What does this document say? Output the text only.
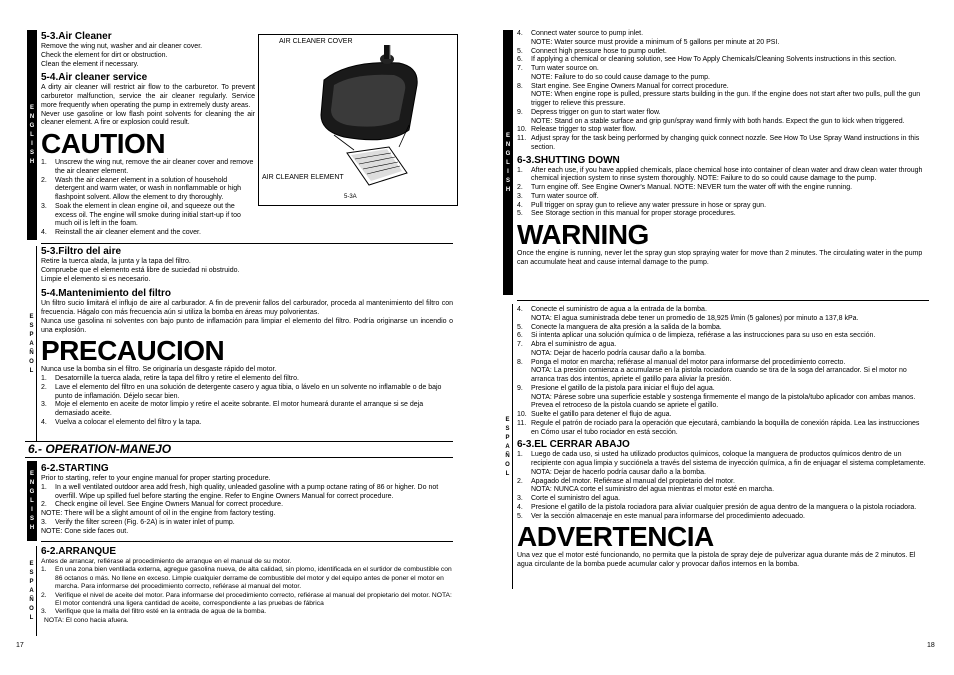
E
N
G
L
I
S
H
5-3.Air Cleaner

Remove the wing nut, washer and air cleaner cover.

Check the element for dirt or obstruction.

Clean the element if necessary.

5-4.Air cleaner service

A dirty air cleaner will restrict air flow to the carburetor. To prevent carburetor malfunction, service the air cleaner regularly. Service more frequently when operating the pump in extremely dusty areas.

Never use gasoline or low flash point solvents for cleaning the air cleaner element. A fire or explosion could result.

CAUTION
1.	Unscrew the wing nut, remove the air cleaner cover and remove the air cleaner element.
2.	Wash the air cleaner element in a solution of household detergent and warm water, or wash in nonflammable or high flashpoint solvent. Allow the element to dry thoroughly.
3.	Soak the element in clean engine oil, and squeeze out the excess oil. The engine will smoke during initial start-up if too much oil is left in the foam.
4.	Reinstall the air cleaner element and the cover.
AIR CLEANER COVER
AIR CLEANER ELEMENT
5-3A
E
S
P
A
Ñ
O
L
5-3.Filtro del aire

Retire la tuerca alada, la junta y la tapa del filtro.

Compruebe que el elemento está libre de suciedad ni obstruido.

Limpie el elemento si es necesario.

5-4.Mantenimiento del filtro

Un filtro sucio limitará el influjo de aire al carburador. A fin de prevenir fallos del carburador, proceda al mantenimiento del filtro con frecuencia. Hágalo con más frecuencia aún si utiliza la bomba en áreas muy polvorientas.

Nunca use gasolina ni solventes con bajo punto de inflamación para limpiar el elemento del filtro. Podría originarse un incendio o una explosión.

PRECAUCION

Nunca use la bomba sin el filtro. Se originaría un desgaste rápido del motor.

1.	Desatornille la tuerca alada, retire la tapa del filtro y retire el elemento del filtro.
2.	Lave el elemento del filtro en una solución de detergente casero y agua tibia, o lávelo en un solvente no inflamable o de bajo punto de inflamación. Déjelo secar bien.
3.	Moje el elemento en aceite de motor limpio y retire el aceite sobrante. El motor humeará durante el arranque si se deja demasiado aceite.
4.	Vuelva a colocar el elemento del filtro y la tapa.
6.- OPERATION-MANEJO
E
N
G
L
I
S
H
6-2.STARTING

Prior to starting, refer to your engine manual for proper starting procedure.

1.	In a well ventilated outdoor area add fresh, high quality, unleaded gasoline with a pump octane rating of 86 or higher. Do not overfill. Wipe up spilled fuel before starting the engine. Refer to Engine Owners Manual for correct procedure.
2.	Check engine oil level. See Engine Owners Manual for correct procedure.

NOTE: There will be a slight amount of oil in the engine from factory testing.

3.	Verify the filter screen (Fig. 6-2A) is in water inlet of pump.

NOTE: Cone side faces out.

E
S
P
A
Ñ
O
L
6-2.ARRANQUE

Antes de arrancar, refiérase al procedimiento de arranque en el manual de su motor.

1.	En una zona bien ventilada externa, agregue gasolina nueva, de alta calidad, sin plomo, identificada en el surtidor de combustible con 86 octanos o más. No llene en exceso. Limpie cualquier derrame de combustible del motor y del equipo antes de poner el motor en marcha. Para informarse del procedimiento correcto, refiérase al manual del motor.
2.	Verifique el nivel de aceite del motor. Para informarse del procedimiento correcto, refiérase al manual del propietario del motor. NOTA: El motor contendrá una ligera cantidad de aceite, correspondiente a las pruebas de fábrica
3.	Verifique que la malla del filtro esté en la entrada de agua de la bomba.

NOTA: El cono hacia afuera.

17
E
N
G
L
I
S
H
4.	Connect water source to pump inlet.
NOTE: Water source must provide a minimum of 5 gallons per minute at 20 PSI.
5.	Connect high pressure hose to pump outlet.
6.	If applying a chemical or cleaning solution, see How To Apply Chemicals/Cleaning Solvents instructions in this section.
7.	Turn water source on.
NOTE: Failure to do so could cause damage to the pump.
8.	Start engine. See Engine Owners Manual for correct procedure.
NOTE: When engine rope is pulled, pressure starts building in the gun. If the engine does not start after two pulls, pull the gun trigger to relieve this pressure.
9.	Depress trigger on gun to start water flow.
NOTE: Stand on a stable surface and grip gun/spray wand firmly with both hands. Expect the gun to kick when triggered.
10. Release trigger to stop water flow.
11. Adjust spray for the task being performed by changing quick connect nozzle. See How To Use Spray Wand instructions in this section.
6-3.SHUTTING DOWN
1.	After each use, if you have applied chemicals, place chemical hose into container of clean water and draw clean water through chemical injection system to rinse system thoroughly. NOTE: Failure to do so could cause damage to the pump.
2.	Turn engine off. See Engine Owner's Manual. NOTE: NEVER turn the water off with the engine running.
3.	Turn water source off.
4.	Pull trigger on spray gun to relieve any water pressure in hose or spray gun.
5.	See Storage section in this manual for proper storage procedures.
WARNING

Once the engine is running, never let the spray gun stop spraying water for move than 2 minutes. The circulating water in the pump can accumulate heat and cause internal damage to the pump.

E
S
P
A
Ñ
O
L
4.	Conecte el suministro de agua a la entrada de la bomba.
NOTA: El agua suministrada debe tener un promedio de 18,925 l/min (5 galones) por minuto a 137,8 kPa.
5.	Conecte la manguera de alta presión a la salida de la bomba.
6.	Si intenta aplicar una solución química o de limpieza, refiérase a las instrucciones para su uso en esta sección.
7.	Abra el suministro de agua.
NOTA: Dejar de hacerlo podría causar daño a la bomba.
8.	Ponga el motor en marcha; refiérase al manual del motor para informarse del procedimiento correcto.
NOTA: La presión comienza a acumularse en la pistola rociadora cuando se tira de la soga del arrancador. Si el motor no arranca tras dos intentos, apriete el gatillo para aliviar la presión.
9.	Presione el gatillo de la pistola para iniciar el flujo del agua.
NOTA: Párese sobre una superficie estable y sostenga firmemente el mango de la pistola/tubo aplicador con ambas manos. Prevea el retroceso de la pistola cuando se apriete el gatillo.
10. Suelte el gatillo para detener el flujo de agua.
11. Regule el patrón de rociado para la operación que ejecutará, cambiando la boquilla de conexión rápida. Lea las instrucciones en Cómo usar el tubo rociador en está sección.
6-3.EL CERRAR ABAJO
1.	Luego de cada uso, si usted ha utilizado productos químicos, coloque la manguera de productos químicos dentro de un recipiente con agua limpia y succiónela a través del sistema de inyección química, a fin de enjuagar el sistema completamente.
NOTA: Dejar de hacerlo podría causar daño a la bomba.
2.	Apagado del motor. Refiérase al manual del propietario del motor.
NOTA: NUNCA corte el suministro del agua mientras el motor esté en marcha.
3.	Corte el suministro del agua.
4.	Presione el gatillo de la pistola rociadora para aliviar cualquier presión de agua dentro de la manguera o la pistola rociadora.
5.	Ver la sección almacenaje en este manual para informarse del procedimiento adecuado.
ADVERTENCIA

Una vez que el motor esté funcionando, no permita que la pistola de spray deje de pulverizar agua durante más de 2 minutos. El agua circulante de la bomba puede acumular calor y provocar daños internos en la bomba.

18
